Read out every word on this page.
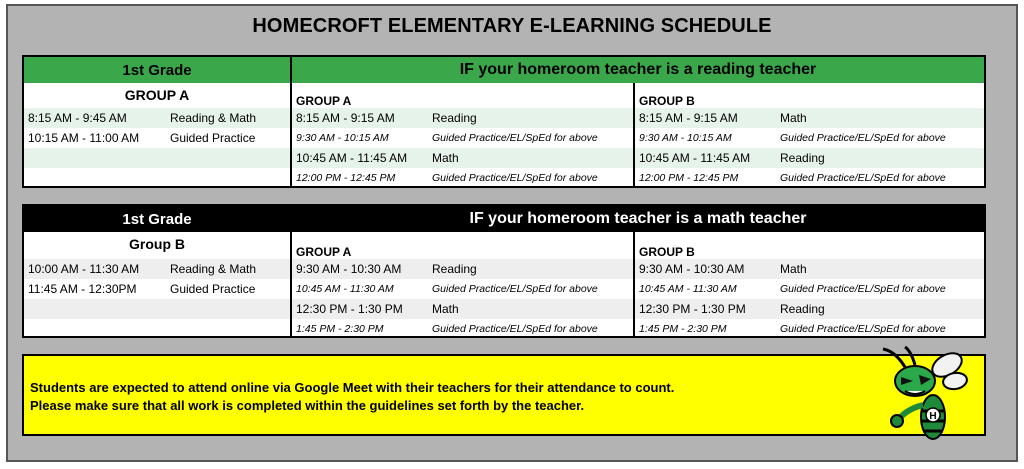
HOMECROFT ELEMENTARY E-LEARNING SCHEDULE
1st Grade	IF your homeroom teacher is a reading teacher
GROUP A
8:15 AM - 9:45 AM	Reading & Math
10:15 AM - 11:00 AM	Guided Practice
GROUP A
8:15 AM - 9:15 AM	Reading
9:30 AM - 10:15 AM	Guided Practice/EL/SpEd for above
10:45 AM - 11:45 AM Math
12:00 PM - 12:45 PM	Guided Practice/EL/SpEd for above
GROUP B
8:15 AM - 9:15 AM	Math
9:30 AM - 10:15 AM	Guided Practice/EL/SpEd for above
10:45 AM - 11:45 AM Reading
12:00 PM - 12:45 PM	Guided Practice/EL/SpEd for above
1st Grade	IF your homeroom teacher is a math teacher
Group B
10:00 AM - 11:30 AM	Reading & Math
11:45 AM - 12:30PM	Guided Practice
GROUP A
9:30 AM - 10:30 AM	Reading
10:45 AM - 11:30 AM	Guided Practice/EL/SpEd for above
12:30 PM - 1:30 PM Math
1:45 PM - 2:30 PM	Guided Practice/EL/SpEd for above
GROUP B
9:30 AM - 10:30 AM	Math
10:45 AM - 11:30 AM	Guided Practice/EL/SpEd for above
12:30 PM - 1:30 PM	Reading
1:45 PM - 2:30 PM	Guided Practice/EL/SpEd for above

Students are expected to attend online via Google Meet with their teachers for their attendance to count.

Please make sure that all work is completed within the guidelines set forth by the teacher.

H
